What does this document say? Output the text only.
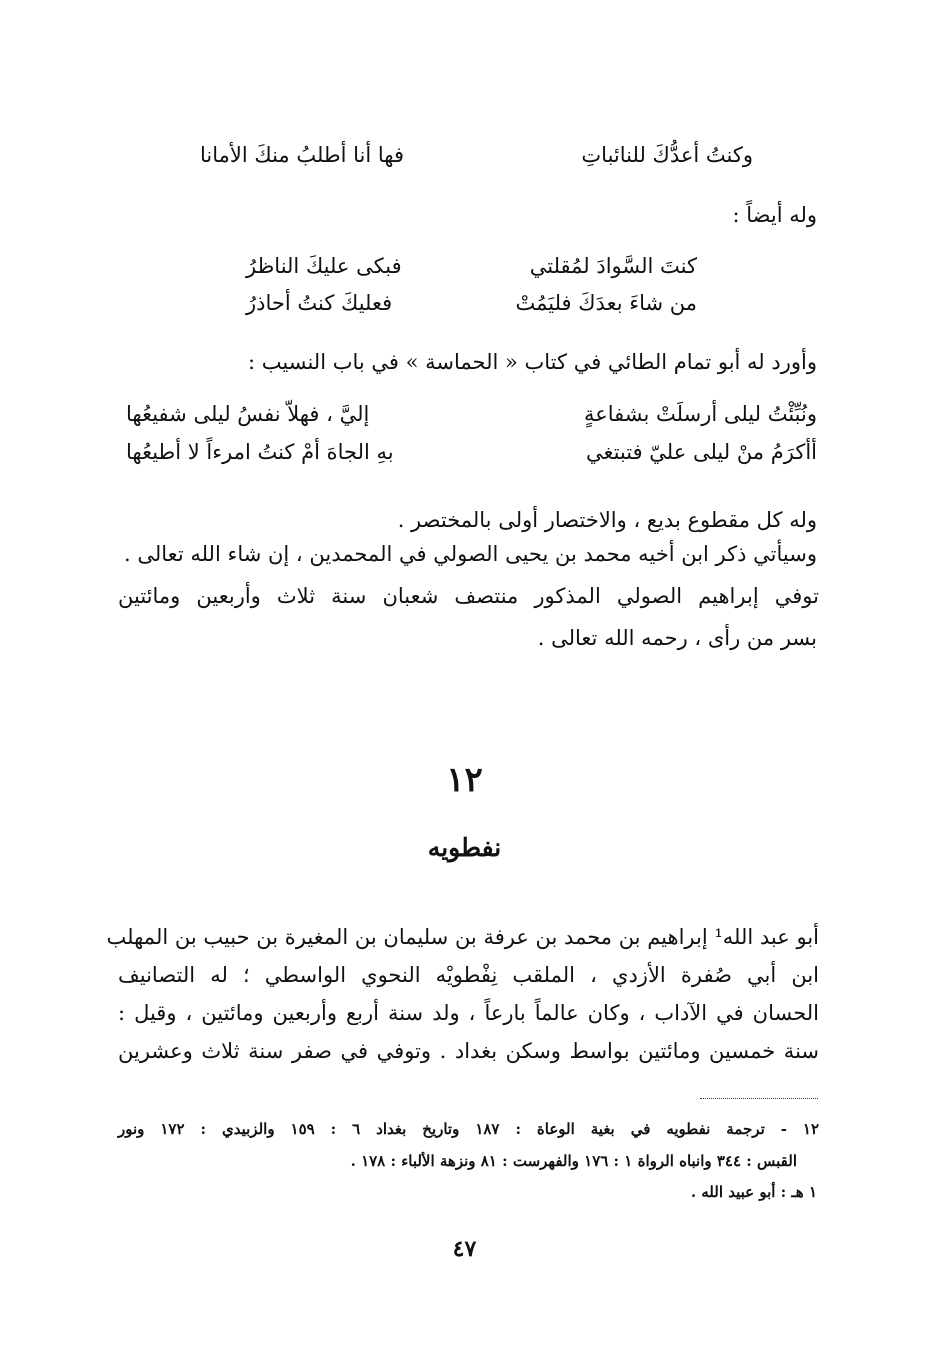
وكنتُ أعدُّكَ للنائباتِ
فها أنا أطلبُ منكَ الأمانا
وله أيضاً :
كنتَ السَّوادَ لمُقلتي
فبكى عليكَ الناظرُ
من شاءَ بعدَكَ فليَمُتْ
فعليكَ كنتُ أحاذرُ
وأورد له أبو تمام الطائي في كتاب « الحماسة » في باب النسيب :
ونُبِّئْتُ ليلى أرسلَتْ بشفاعةٍ
إليَّ ، فهلاّ نفسُ ليلى شفيعُها
أأكرَمُ منْ ليلى عليّ فتبتغي
بهِ الجاهَ أمْ كنتُ امرءاً لا أطيعُها
وله كل مقطوع بديع ، والاختصار أولى بالمختصر .
وسيأتي ذكر ابن أخيه محمد بن يحيى الصولي في المحمدين ، إن شاء الله تعالى .
توفي إبراهيم الصولي المذكور منتصف شعبان سنة ثلاث وأربعين ومائتين
بسر من رأى ، رحمه الله تعالى .
١٢
نفطويه
أبو عبد الله¹ إبراهيم بن محمد بن عرفة بن سليمان بن المغيرة بن حبيب بن المهلب
ابن أبي صُفرة الأزدي ، الملقب نِفْطويْه النحوي الواسطي ؛ له التصانيف
الحسان في الآداب ، وكان عالماً بارعاً ، ولد سنة أربع وأربعين ومائتين ، وقيل :
سنة خمسين ومائتين بواسط وسكن بغداد . وتوفي في صفر سنة ثلاث وعشرين
١٢ - ترجمة نفطويه في بغية الوعاة : ١٨٧ وتاريخ بغداد ٦ : ١٥٩ والزبيدي : ١٧٢ ونور
القبس : ٣٤٤ وانباه الرواة ١ : ١٧٦ والفهرست : ٨١ ونزهة الألباء : ١٧٨ .
١ هـ : أبو عبيد الله .
٤٧
